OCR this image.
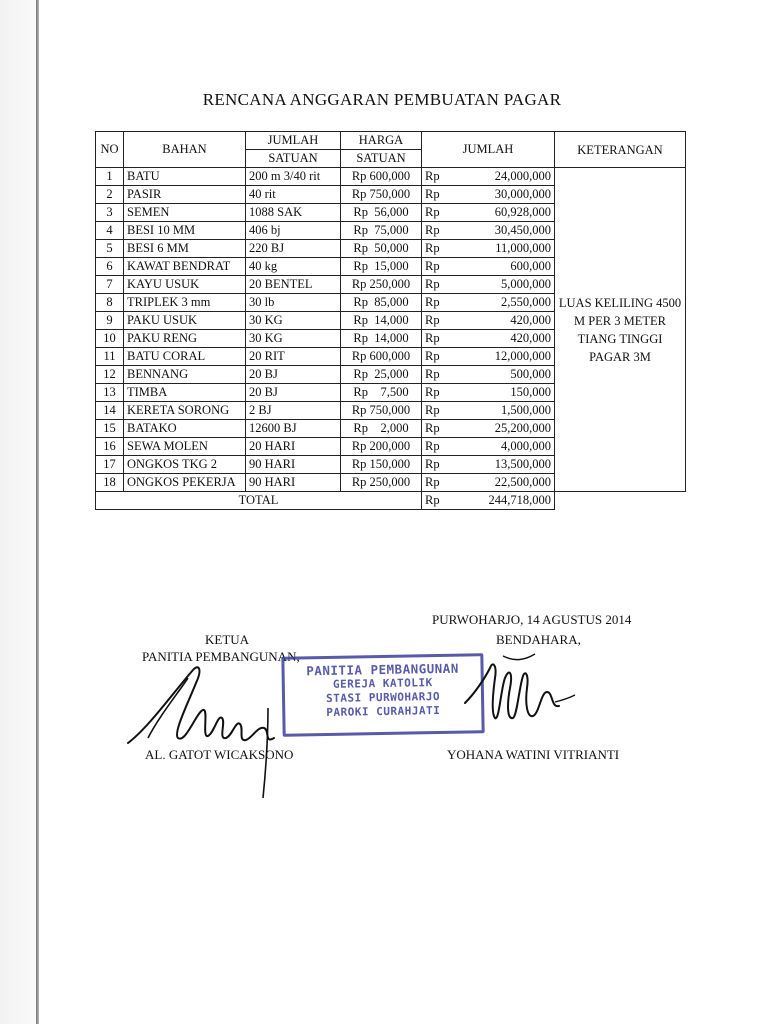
RENCANA ANGGARAN PEMBUATAN PAGAR
NO	BAHAN	JUMLAH	HARGA	JUMLAH		KETERANGAN
		SATUAN	SATUAN			
1	BATU	200 m 3/40 rit	Rp 600,000	Rp	24,000,000	LUAS KELILING 4500 M PER 3 METER TIANG TINGGI PAGAR 3M
2	PASIR	40 rit	Rp 750,000	Rp	30,000,000	
3	SEMEN	1088 SAK	Rp  56,000	Rp	60,928,000	
4	BESI 10 MM	406 bj	Rp  75,000	Rp	30,450,000	
5	BESI 6 MM	220 BJ	Rp  50,000	Rp	11,000,000	
6	KAWAT BENDRAT	40 kg	Rp  15,000	Rp	600,000	
7	KAYU USUK	20 BENTEL	Rp 250,000	Rp	5,000,000	
8	TRIPLEK 3 mm	30 lb	Rp  85,000	Rp	2,550,000	
9	PAKU USUK	30 KG	Rp  14,000	Rp	420,000	
10	PAKU RENG	30 KG	Rp  14,000	Rp	420,000	
11	BATU CORAL	20 RIT	Rp 600,000	Rp	12,000,000	
12	BENNANG	20 BJ	Rp  25,000	Rp	500,000	
13	TIMBA	20 BJ	Rp    7,500	Rp	150,000	
14	KERETA SORONG	2 BJ	Rp 750,000	Rp	1,500,000	
15	BATAKO	12600 BJ	Rp    2,000	Rp	25,200,000	
16	SEWA MOLEN	20 HARI	Rp 200,000	Rp	4,000,000	
17	ONGKOS TKG 2	90 HARI	Rp 150,000	Rp	13,500,000	
18	ONGKOS PEKERJA	90 HARI	Rp 250,000	Rp	22,500,000	
TOTAL				Rp	244,718,000	
PURWOHARJO, 14 AGUSTUS 2014
KETUA	BENDAHARA,
PANITIA PEMBANGUNAN,
PANITIA PEMBANGUNAN
GEREJA KATOLIK
STASI PURWOHARJO
PAROKI CURAHJATI
AL. GATOT WICAKSONO	YOHANA WATINI VITRIANTI
